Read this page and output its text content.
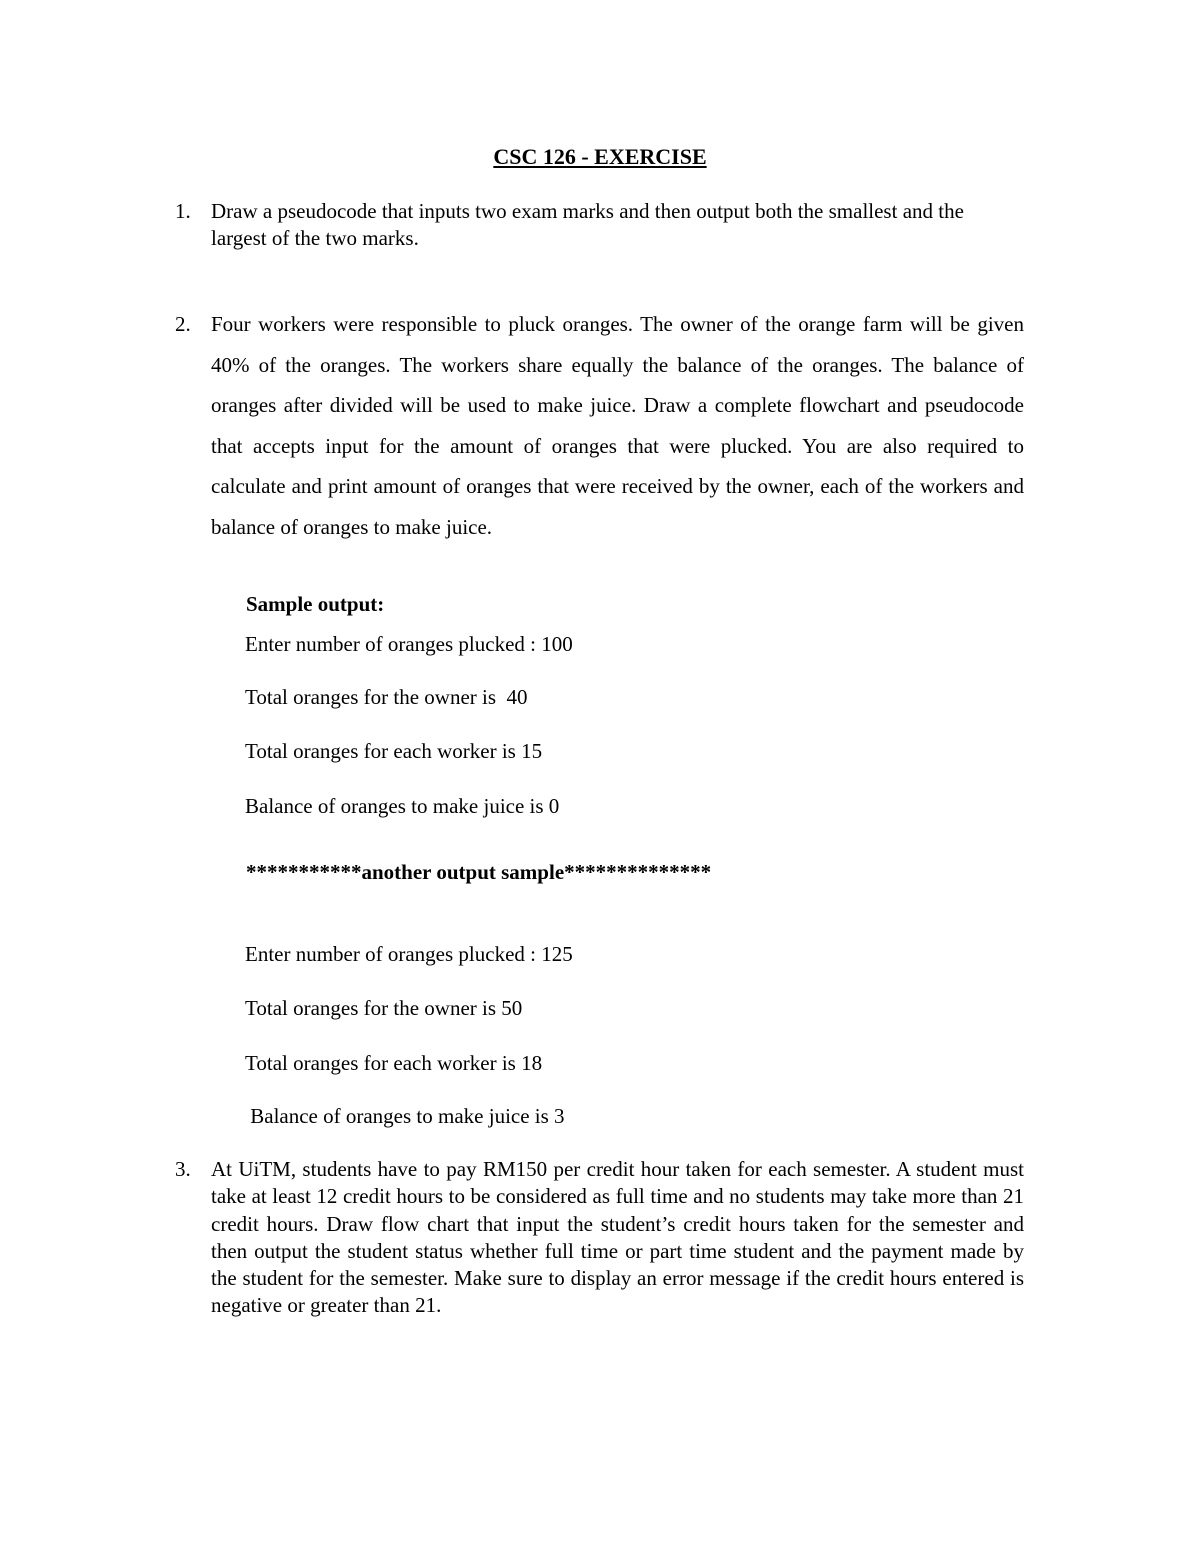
CSC 126 - EXERCISE
1. Draw a pseudocode that inputs two exam marks and then output both the smallest and the largest of the two marks.
2. Four workers were responsible to pluck oranges. The owner of the orange farm will be given 40% of the oranges. The workers share equally the balance of the oranges. The balance of oranges after divided will be used to make juice. Draw a complete flowchart and pseudocode that accepts input for the amount of oranges that were plucked. You are also required to calculate and print amount of oranges that were received by the owner, each of the workers and balance of oranges to make juice.
Sample output:
Enter number of oranges plucked : 100
Total oranges for the owner is  40
Total oranges for each worker is 15
Balance of oranges to make juice is 0
***********another output sample**************
Enter number of oranges plucked : 125
Total oranges for the owner is 50
Total oranges for each worker is 18
Balance of oranges to make juice is 3
3. At UiTM, students have to pay RM150 per credit hour taken for each semester. A student must take at least 12 credit hours to be considered as full time and no students may take more than 21 credit hours. Draw flow chart that input the student’s credit hours taken for the semester and then output the student status whether full time or part time student and the payment made by the student for the semester. Make sure to display an error message if the credit hours entered is negative or greater than 21.
